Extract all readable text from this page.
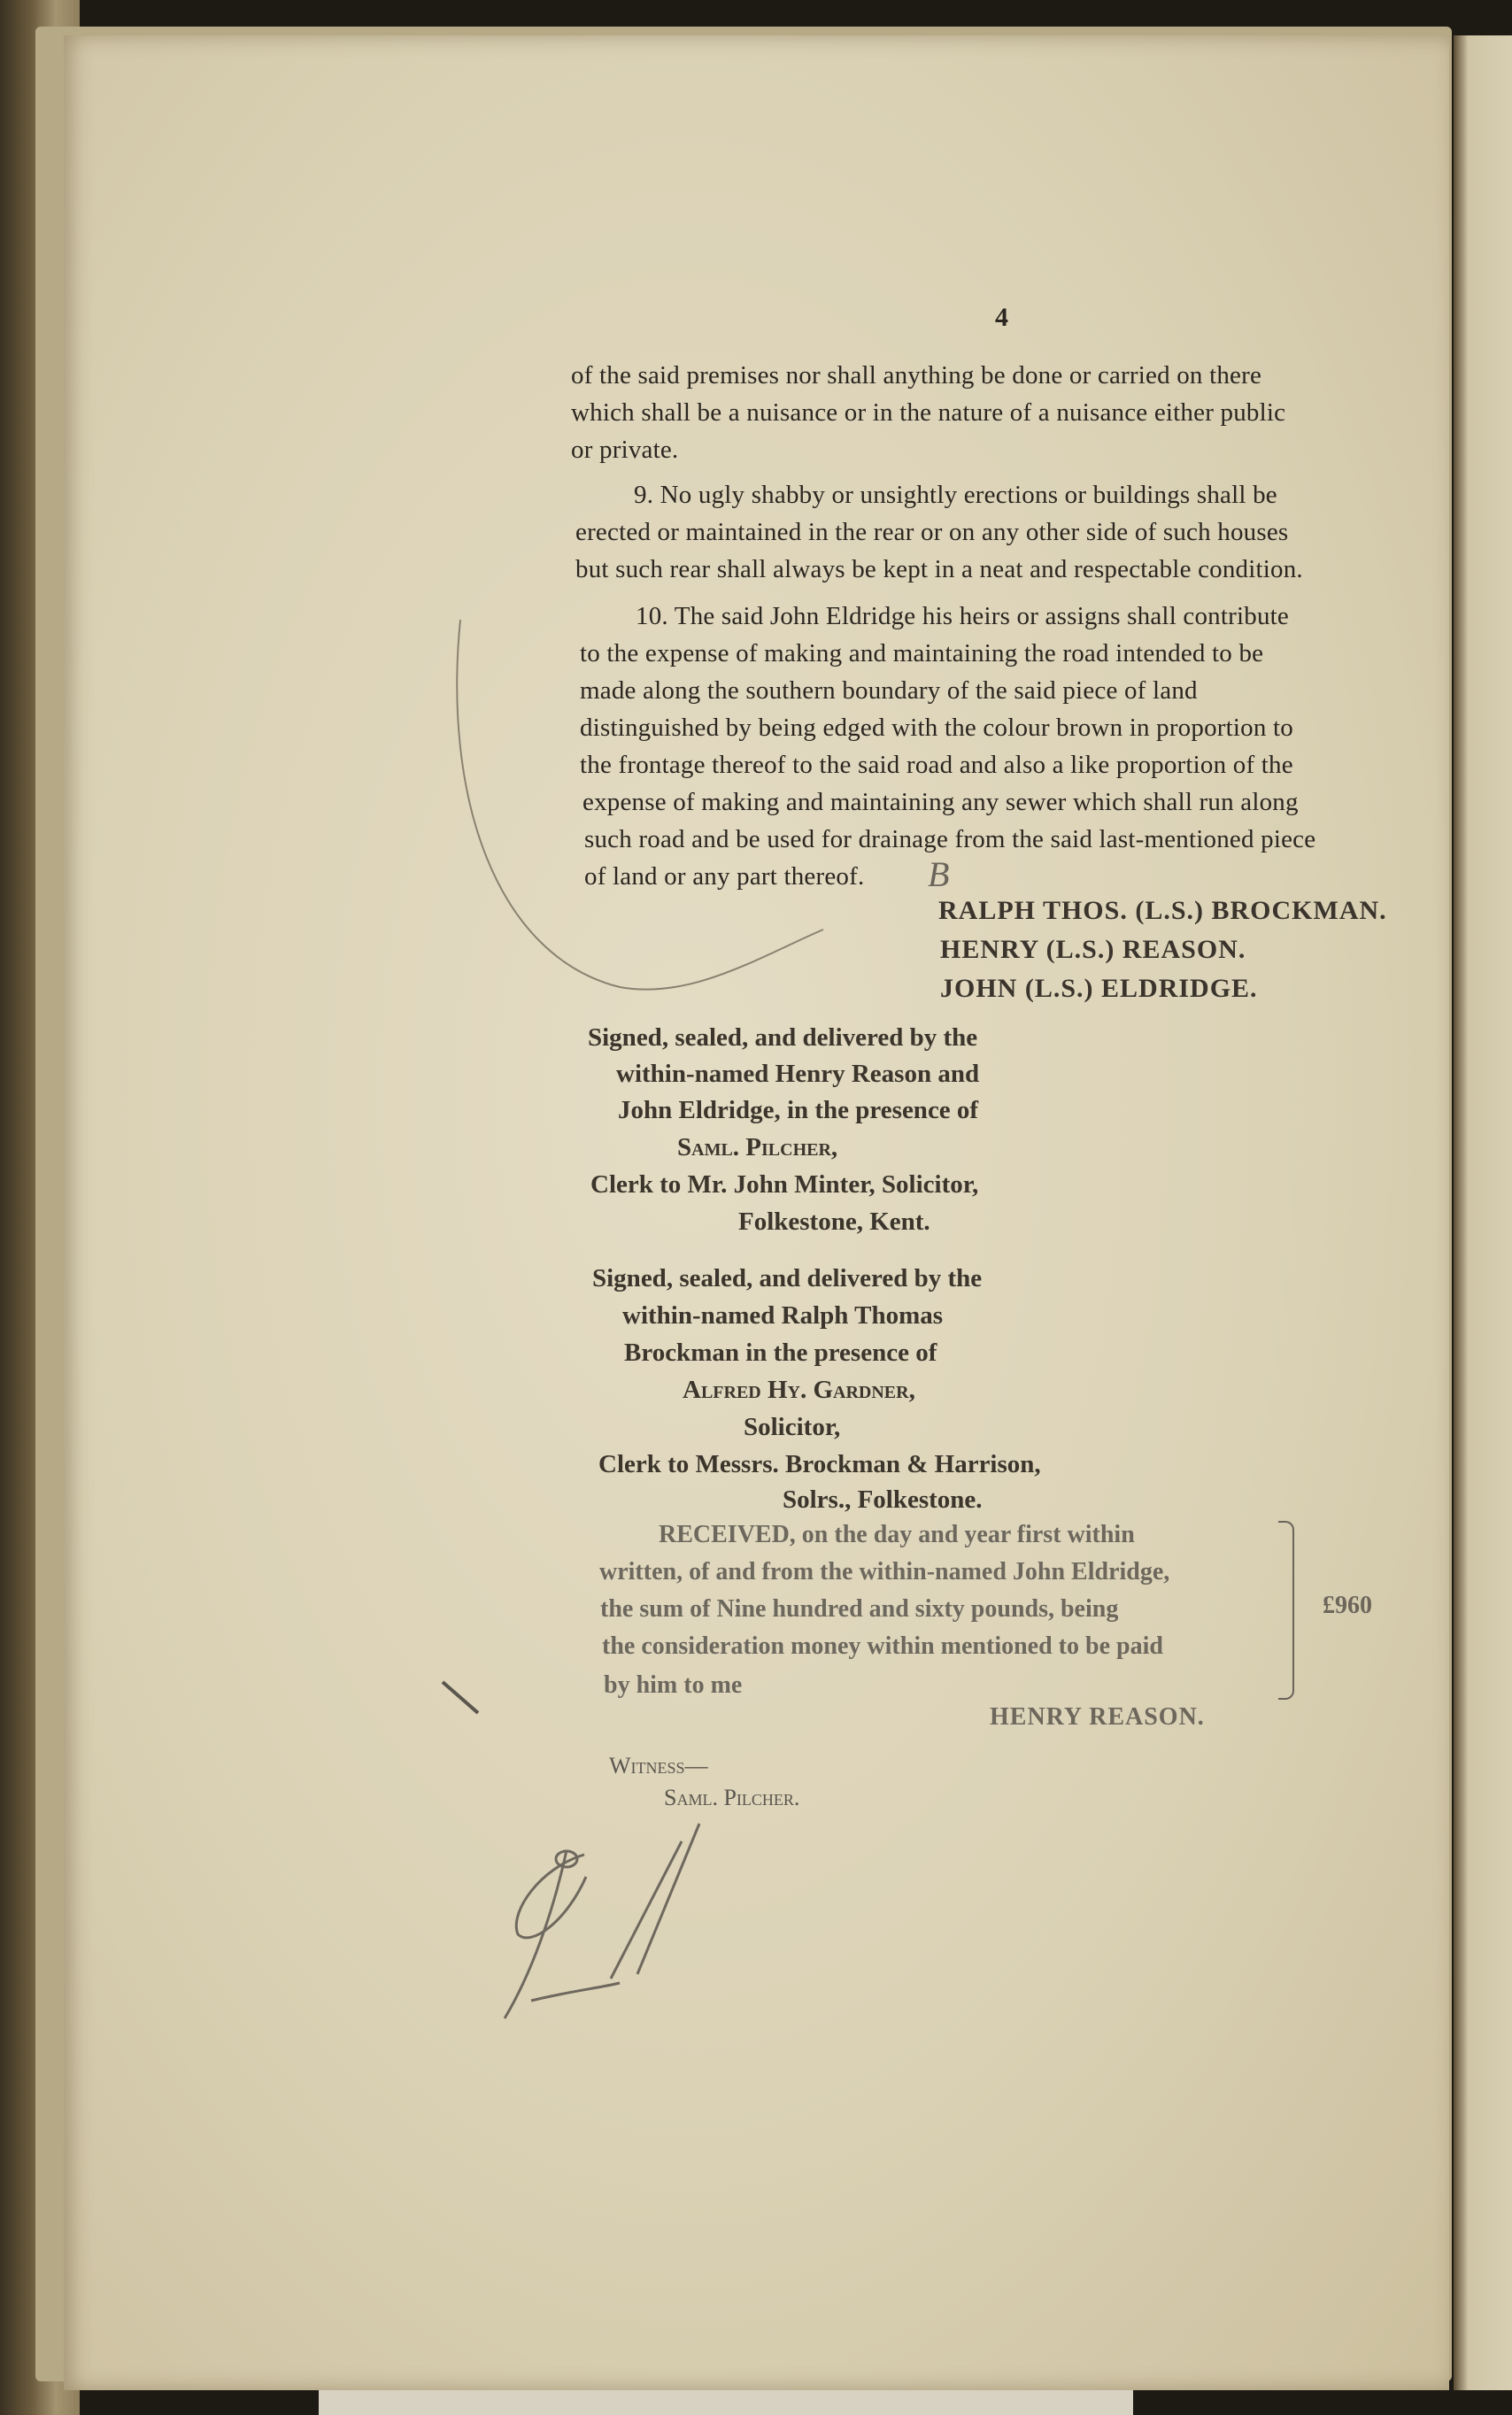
4
of the said premises nor shall anything be done or carried on there
which shall be a nuisance or in the nature of a nuisance either public
or private.
9. No ugly shabby or unsightly erections or buildings shall be
erected or maintained in the rear or on any other side of such houses
but such rear shall always be kept in a neat and respectable condition.
10. The said John Eldridge his heirs or assigns shall contribute
to the expense of making and maintaining the road intended to be
made along the southern boundary of the said piece of land
distinguished by being edged with the colour brown in proportion to
the frontage thereof to the said road and also a like proportion of the
expense of making and maintaining any sewer which shall run along
such road and be used for drainage from the said last-mentioned piece
of land or any part thereof.
RALPH THOS. (L.S.) BROCKMAN.
HENRY (L.S.) REASON.
JOHN (L.S.) ELDRIDGE.
Signed, sealed, and delivered by the
within-named Henry Reason and
John Eldridge, in the presence of
Saml. Pilcher,
Clerk to Mr. John Minter, Solicitor,
Folkestone, Kent.
Signed, sealed, and delivered by the
within-named Ralph Thomas
Brockman in the presence of
Alfred Hy. Gardner,
Solicitor,
Clerk to Messrs. Brockman & Harrison,
Solrs., Folkestone.
RECEIVED, on the day and year first within
written, of and from the within-named John Eldridge,
the sum of Nine hundred and sixty pounds, being
the consideration money within mentioned to be paid
by him to me
£960
HENRY REASON.
Witness—
Saml. Pilcher.
B
